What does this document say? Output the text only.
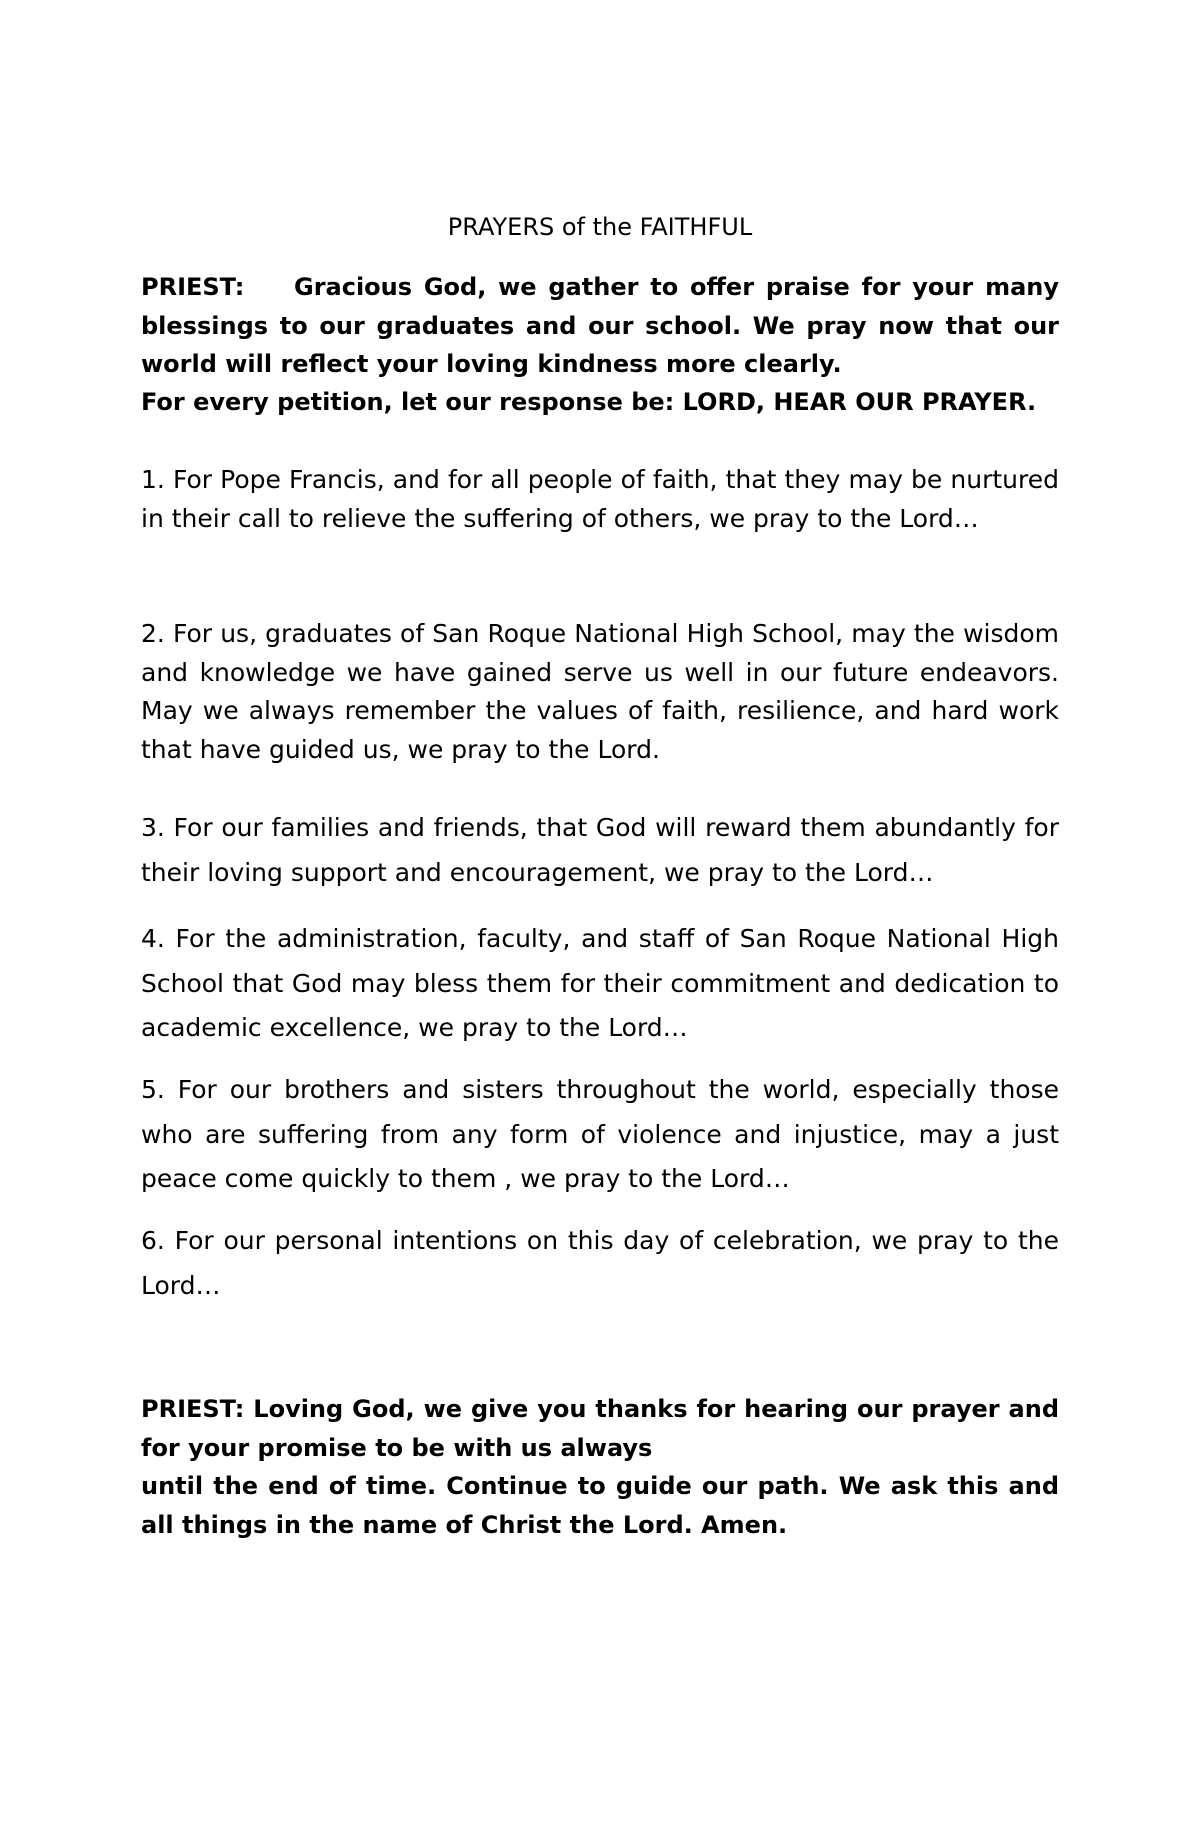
PRAYERS of the FAITHFUL

PRIEST: Gracious God, we gather to offer praise for your many blessings to our graduates and our school. We pray now that our world will reflect your loving kindness more clearly.

For every petition, let our response be: LORD, HEAR OUR PRAYER.

1. For Pope Francis, and for all people of faith, that they may be nurtured in their call to relieve the suffering of others, we pray to the Lord…

2. For us, graduates of San Roque National High School, may the wisdom and knowledge we have gained serve us well in our future endeavors. May we always remember the values of faith, resilience, and hard work that have guided us, we pray to the Lord.

3. For our families and friends, that God will reward them abundantly for their loving support and encouragement, we pray to the Lord…

4. For the administration, faculty, and staff of San Roque National High School that God may bless them for their commitment and dedication to academic excellence, we pray to the Lord…

5. For our brothers and sisters throughout the world, especially those who are suffering from any form of violence and injustice, may a just peace come quickly to them , we pray to the Lord…

6. For our personal intentions on this day of celebration, we pray to the Lord…

PRIEST: Loving God, we give you thanks for hearing our prayer and for your promise to be with us always
until the end of time. Continue to guide our path. We ask this and all things in the name of Christ the Lord. Amen.
